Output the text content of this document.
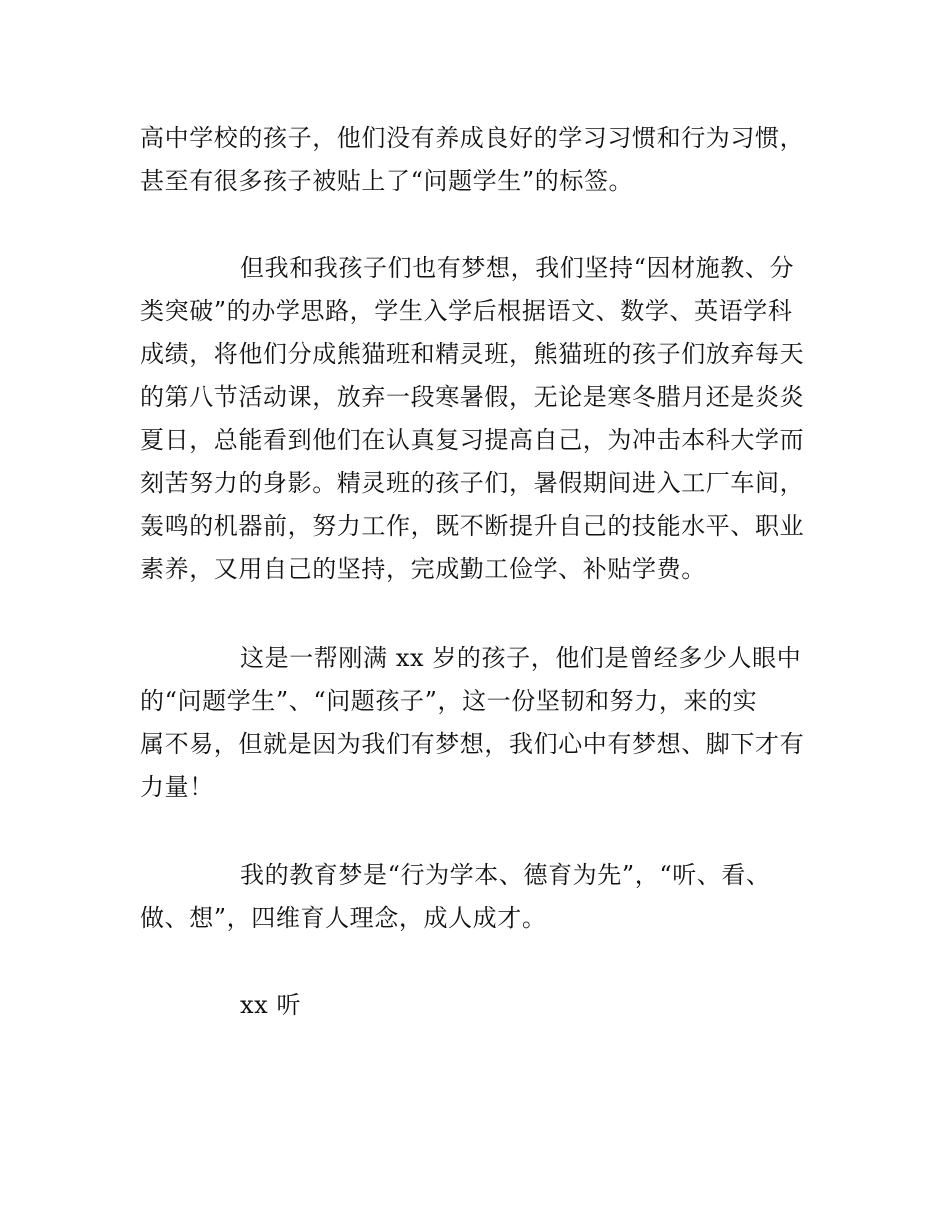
高中学校的孩子，他们没有养成良好的学习习惯和行为习惯，
甚至有很多孩子被贴上了“问题学生”的标签。
但我和我孩子们也有梦想，我们坚持“因材施教、分
类突破”的办学思路，学生入学后根据语文、数学、英语学科
成绩，将他们分成熊猫班和精灵班，熊猫班的孩子们放弃每天
的第八节活动课，放弃一段寒暑假，无论是寒冬腊月还是炎炎
夏日，总能看到他们在认真复习提高自己，为冲击本科大学而
刻苦努力的身影。精灵班的孩子们，暑假期间进入工厂车间，
轰鸣的机器前，努力工作，既不断提升自己的技能水平、职业
素养，又用自己的坚持，完成勤工俭学、补贴学费。
这是一帮刚满 xx 岁的孩子，他们是曾经多少人眼中
的“问题学生”、“问题孩子”，这一份坚韧和努力，来的实
属不易，但就是因为我们有梦想，我们心中有梦想、脚下才有
力量！
我的教育梦是“行为学本、德育为先”，“听、看、
做、想”，四维育人理念，成人成才。
xx 听
